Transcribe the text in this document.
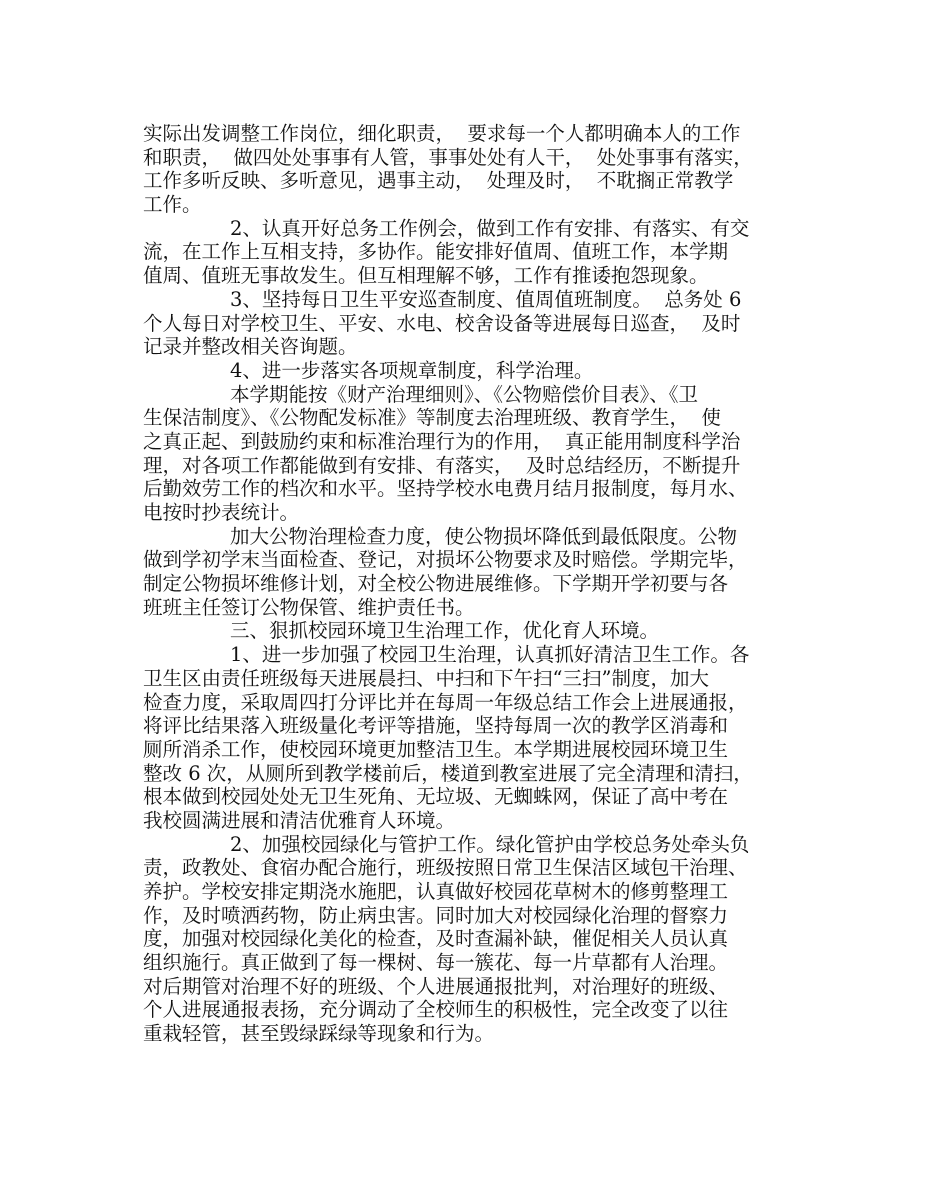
实际出发调整工作岗位，细化职责，  要求每一个人都明确本人的工作
和职责，  做四处处事事有人管，事事处处有人干，  处处事事有落实，
工作多听反映、多听意见，遇事主动，  处理及时，  不耽搁正常教学
工作。
2、认真开好总务工作例会，做到工作有安排、有落实、有交
流，在工作上互相支持，多协作。能安排好值周、值班工作，本学期
值周、值班无事故发生。但互相理解不够，工作有推诿抱怨现象。
3、坚持每日卫生平安巡查制度、值周值班制度。  总务处 6
个人每日对学校卫生、平安、水电、校舍设备等进展每日巡查，  及时
记录并整改相关咨询题。
4、进一步落实各项规章制度，科学治理。
本学期能按《财产治理细则》、《公物赔偿价目表》、《卫
生保洁制度》、《公物配发标准》等制度去治理班级、教育学生，  使
之真正起、到鼓励约束和标准治理行为的作用，  真正能用制度科学治
理，对各项工作都能做到有安排、有落实，  及时总结经历，不断提升
后勤效劳工作的档次和水平。坚持学校水电费月结月报制度，每月水、
电按时抄表统计。
加大公物治理检查力度，使公物损坏降低到最低限度。公物
做到学初学末当面检查、登记，对损坏公物要求及时赔偿。学期完毕，
制定公物损坏维修计划，对全校公物进展维修。下学期开学初要与各
班班主任签订公物保管、维护责任书。
三、狠抓校园环境卫生治理工作，优化育人环境。
1、进一步加强了校园卫生治理，认真抓好清洁卫生工作。各
卫生区由责任班级每天进展晨扫、中扫和下午扫“三扫”制度，加大
检查力度，采取周四打分评比并在每周一年级总结工作会上进展通报，
将评比结果落入班级量化考评等措施，坚持每周一次的教学区消毒和
厕所消杀工作，使校园环境更加整洁卫生。本学期进展校园环境卫生
整改 6 次，从厕所到教学楼前后，楼道到教室进展了完全清理和清扫，
根本做到校园处处无卫生死角、无垃圾、无蜘蛛网，保证了高中考在
我校圆满进展和清洁优雅育人环境。
2、加强校园绿化与管护工作。绿化管护由学校总务处牵头负
责，政教处、食宿办配合施行，班级按照日常卫生保洁区域包干治理、
养护。学校安排定期浇水施肥，认真做好校园花草树木的修剪整理工
作，及时喷洒药物，防止病虫害。同时加大对校园绿化治理的督察力
度，加强对校园绿化美化的检查，及时查漏补缺，催促相关人员认真
组织施行。真正做到了每一棵树、每一簇花、每一片草都有人治理。
对后期管对治理不好的班级、个人进展通报批判，对治理好的班级、
个人进展通报表扬，充分调动了全校师生的积极性，完全改变了以往
重栽轻管，甚至毁绿踩绿等现象和行为。
